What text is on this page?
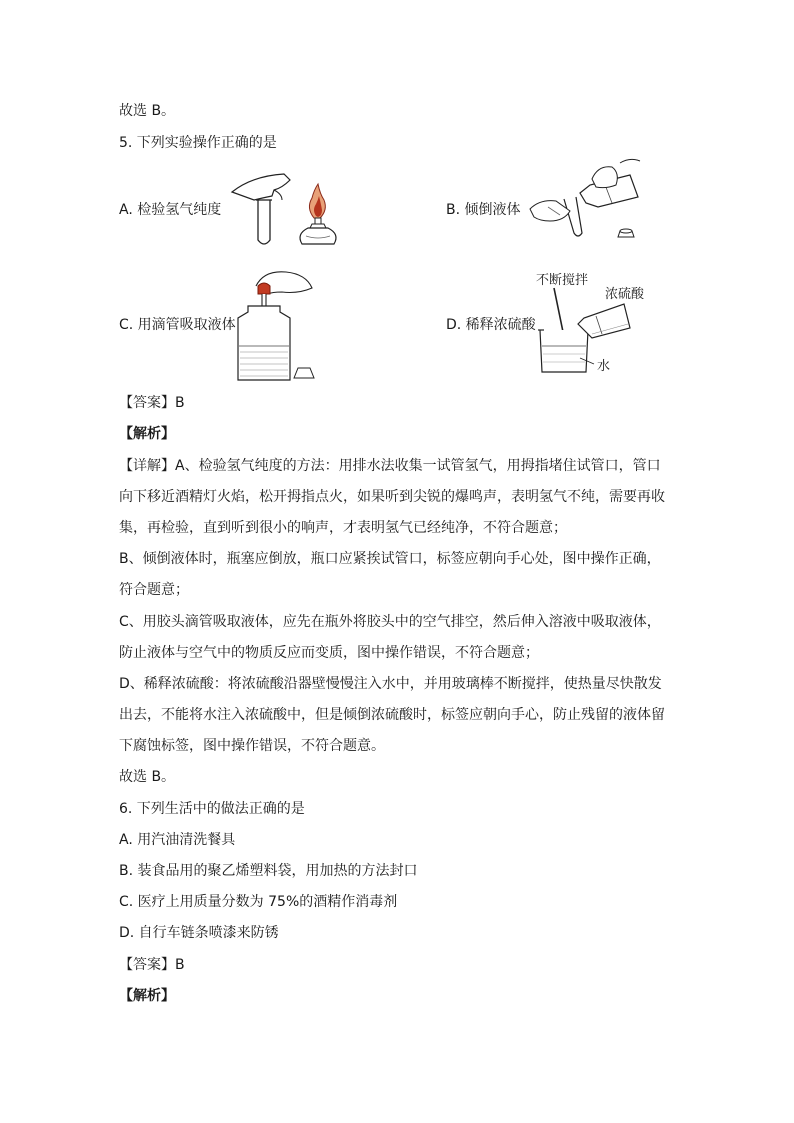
故选 B。
5. 下列实验操作正确的是
A. 检验氢气纯度	B. 倾倒液体
C. 用滴管吸取液体	D. 稀释浓硫酸
不断搅拌
浓硫酸
水
【答案】B
【解析】
【详解】A、检验氢气纯度的方法：用排水法收集一试管氢气，用拇指堵住试管口，管口
向下移近酒精灯火焰，松开拇指点火，如果听到尖锐的爆鸣声，表明氢气不纯，需要再收
集，再检验，直到听到很小的响声，才表明氢气已经纯净，不符合题意；
B、倾倒液体时，瓶塞应倒放，瓶口应紧挨试管口，标签应朝向手心处，图中操作正确，
符合题意；
C、用胶头滴管吸取液体，应先在瓶外将胶头中的空气排空，然后伸入溶液中吸取液体，
防止液体与空气中的物质反应而变质，图中操作错误，不符合题意；
D、稀释浓硫酸：将浓硫酸沿器壁慢慢注入水中，并用玻璃棒不断搅拌，使热量尽快散发
出去，不能将水注入浓硫酸中，但是倾倒浓硫酸时，标签应朝向手心，防止残留的液体留
下腐蚀标签，图中操作错误，不符合题意。
故选 B。
6. 下列生活中的做法正确的是
A. 用汽油清洗餐具
B. 装食品用的聚乙烯塑料袋，用加热的方法封口
C. 医疗上用质量分数为 75%的酒精作消毒剂
D. 自行车链条喷漆来防锈
【答案】B
【解析】
